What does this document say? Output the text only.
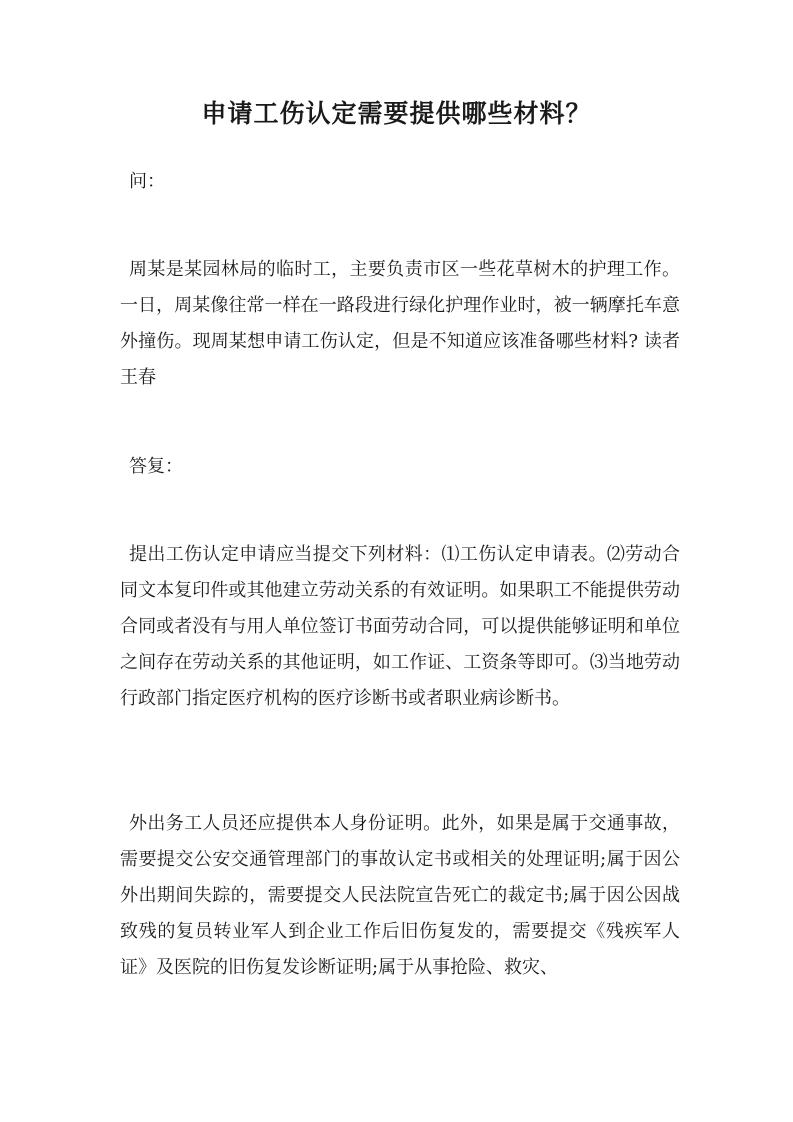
申请工伤认定需要提供哪些材料？

问：

周某是某园林局的临时工，主要负责市区一些花草树木的护理工作。一日，周某像往常一样在一路段进行绿化护理作业时，被一辆摩托车意外撞伤。现周某想申请工伤认定，但是不知道应该准备哪些材料? 读者 王春

答复：

提出工伤认定申请应当提交下列材料：⑴工伤认定申请表。⑵劳动合同文本复印件或其他建立劳动关系的有效证明。如果职工不能提供劳动合同或者没有与用人单位签订书面劳动合同，可以提供能够证明和单位之间存在劳动关系的其他证明，如工作证、工资条等即可。⑶当地劳动行政部门指定医疗机构的医疗诊断书或者职业病诊断书。

外出务工人员还应提供本人身份证明。此外，如果是属于交通事故，需要提交公安交通管理部门的事故认定书或相关的处理证明;属于因公外出期间失踪的，需要提交人民法院宣告死亡的裁定书;属于因公因战致残的复员转业军人到企业工作后旧伤复发的，需要提交《残疾军人证》及医院的旧伤复发诊断证明;属于从事抢险、救灾、
